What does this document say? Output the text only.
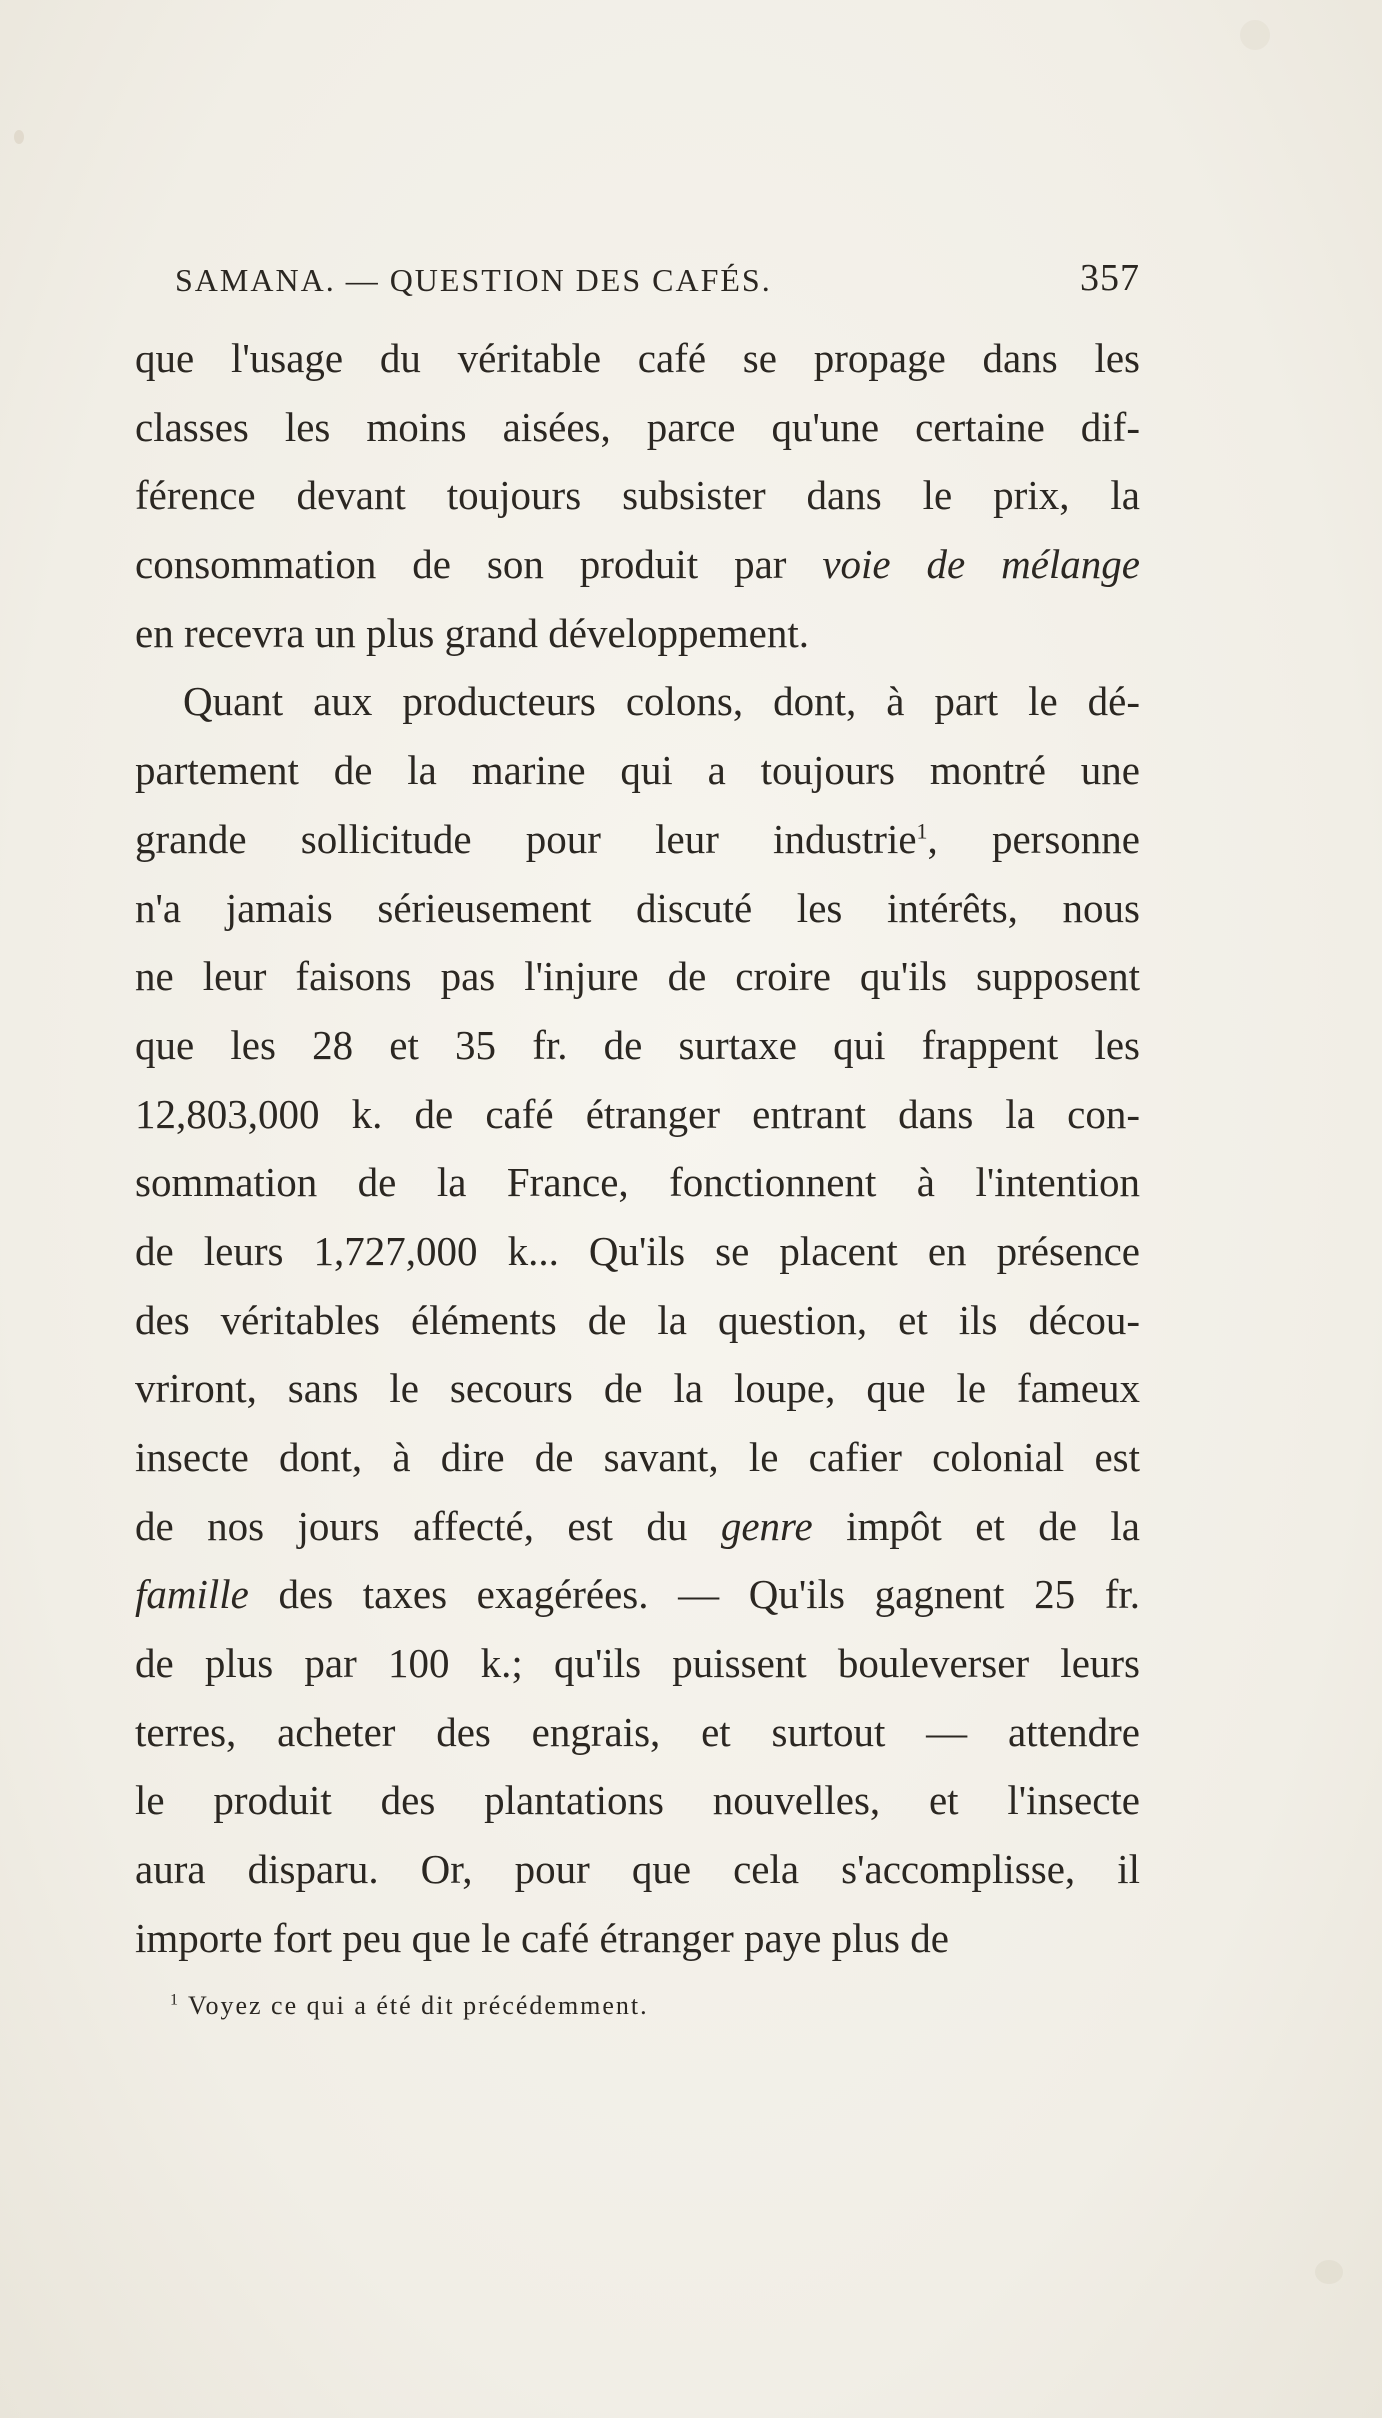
SAMANA. — QUESTION DES CAFÉS.	357
que l'usage du véritable café se propage dans les
classes les moins aisées, parce qu'une certaine dif-
férence devant toujours subsister dans le prix, la
consommation de son produit par voie de mélange
en recevra un plus grand développement.
Quant aux producteurs colons, dont, à part le dé-
partement de la marine qui a toujours montré une
grande sollicitude pour leur industrie$^1$, personne
n'a jamais sérieusement discuté les intérêts, nous
ne leur faisons pas l'injure de croire qu'ils supposent
que les 28 et 35 fr. de surtaxe qui frappent les
12,803,000 k. de café étranger entrant dans la con-
sommation de la France, fonctionnent à l'intention
de leurs 1,727,000 k... Qu'ils se placent en présence
des véritables éléments de la question, et ils décou-
vriront, sans le secours de la loupe, que le fameux
insecte dont, à dire de savant, le cafier colonial est
de nos jours affecté, est du genre impôt et de la
famille des taxes exagérées. — Qu'ils gagnent 25 fr.
de plus par 100 k.; qu'ils puissent bouleverser leurs
terres, acheter des engrais, et surtout — attendre
le produit des plantations nouvelles, et l'insecte
aura disparu. Or, pour que cela s'accomplisse, il
importe fort peu que le café étranger paye plus de
$^1$ Voyez ce qui a été dit précédemment.
